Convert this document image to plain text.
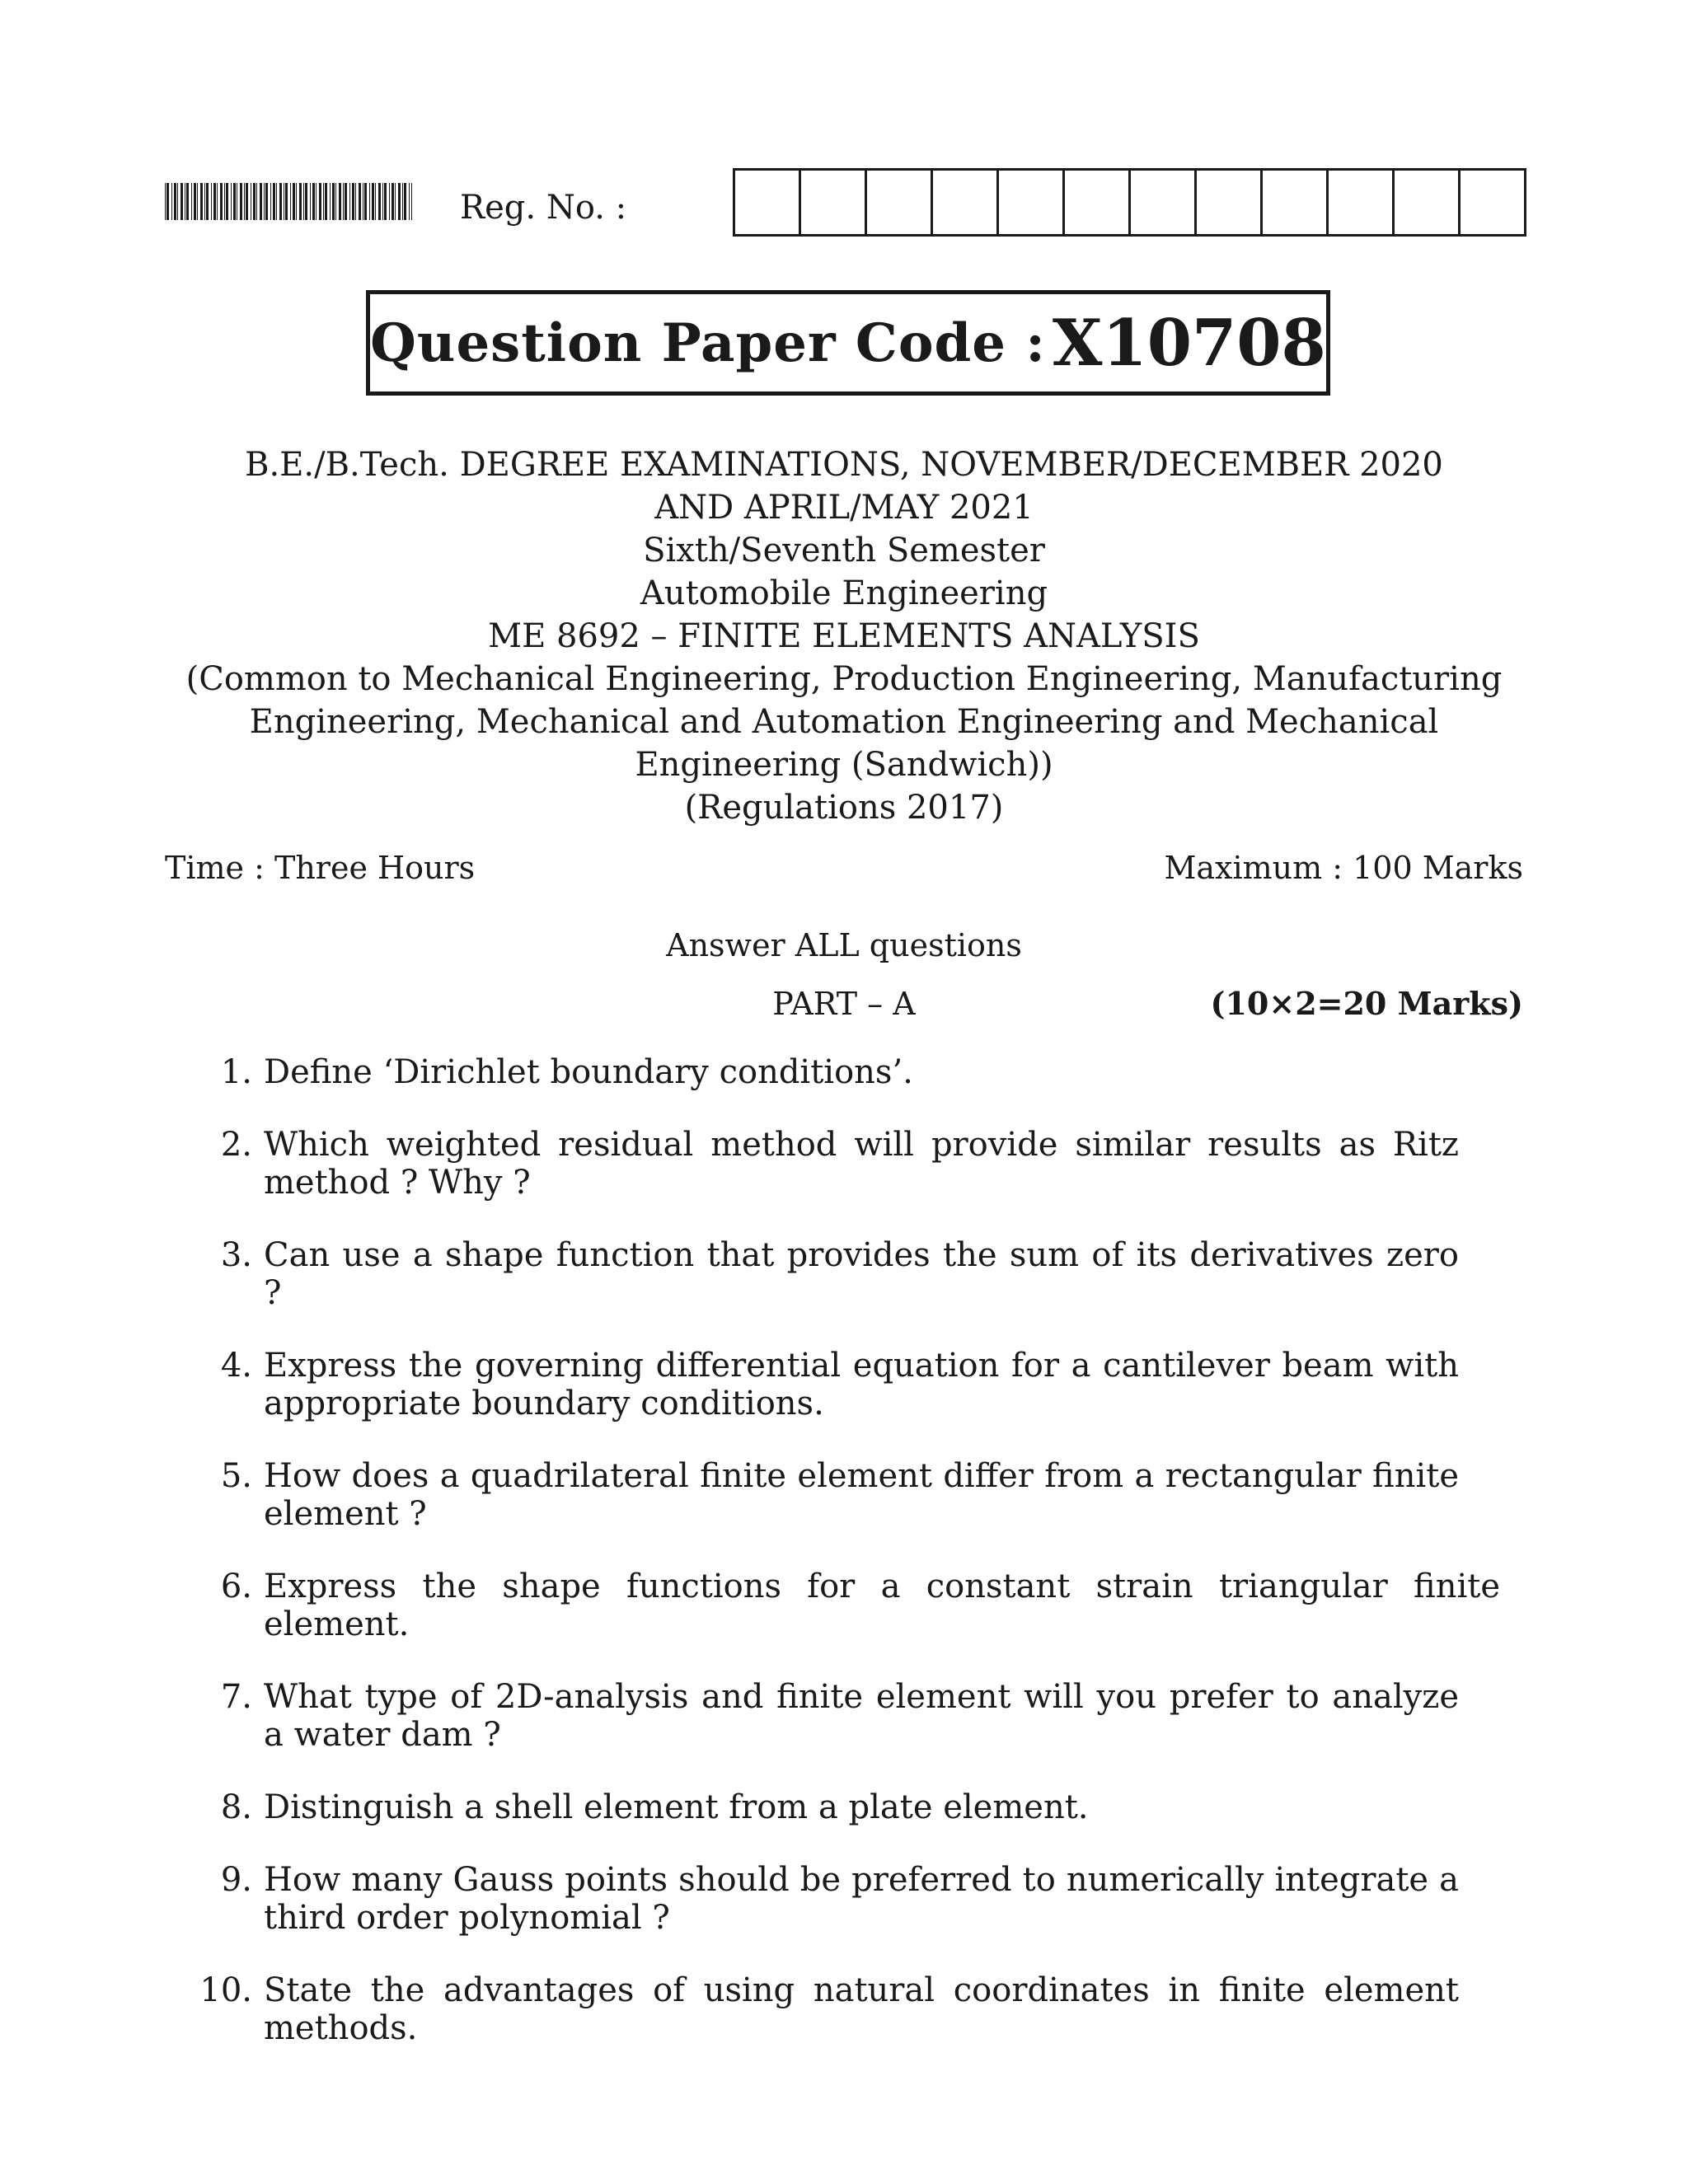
Reg. No. :
Question Paper Code : X10708
B.E./B.Tech. DEGREE EXAMINATIONS, NOVEMBER/DECEMBER 2020
AND APRIL/MAY 2021
Sixth/Seventh Semester
Automobile Engineering
ME 8692 – FINITE ELEMENTS ANALYSIS
(Common to Mechanical Engineering, Production Engineering, Manufacturing
Engineering, Mechanical and Automation Engineering and Mechanical
Engineering (Sandwich))
(Regulations 2017)
Time : Three Hours	Maximum : 100 Marks
Answer ALL questions
PART – A	(10×2=20 Marks)
1. Define ‘Dirichlet boundary conditions’.
2. Which weighted residual method will provide similar results as Ritz method ? Why ?
3. Can use a shape function that provides the sum of its derivatives zero ?
4. Express the governing differential equation for a cantilever beam with appropriate boundary conditions.
5. How does a quadrilateral finite element differ from a rectangular finite element ?
6. Express the shape functions for a constant strain triangular finite element.
7. What type of 2D-analysis and finite element will you prefer to analyze a water dam ?
8. Distinguish a shell element from a plate element.
9. How many Gauss points should be preferred to numerically integrate a third order polynomial ?
10. State the advantages of using natural coordinates in finite element methods.
